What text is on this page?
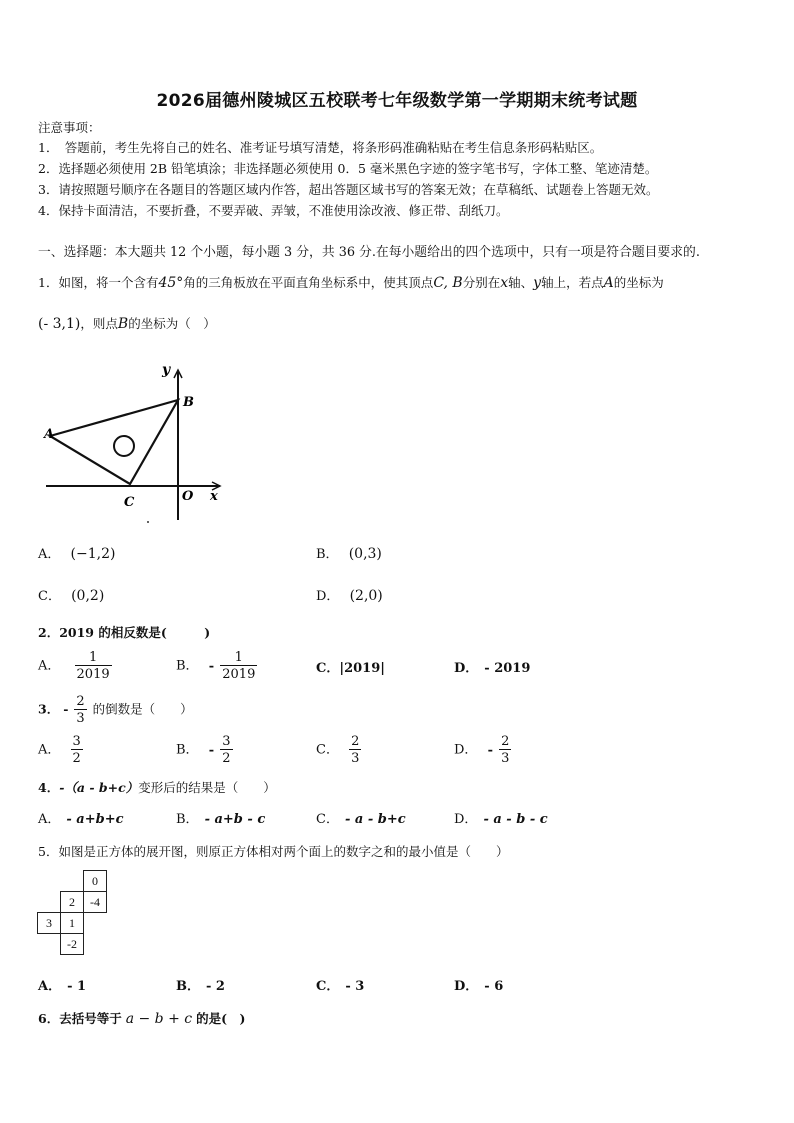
2026届德州陵城区五校联考七年级数学第一学期期末统考试题
注意事项：
1．　答题前，考生先将自己的姓名、准考证号填写清楚，将条形码准确粘贴在考生信息条形码粘贴区。
2．选择题必须使用 2B 铅笔填涂；非选择题必须使用 0．5 毫米黑色字迹的签字笔书写，字体工整、笔迹清楚。
3．请按照题号顺序在各题目的答题区域内作答，超出答题区域书写的答案无效；在草稿纸、试题卷上答题无效。
4．保持卡面清洁，不要折叠，不要弄破、弄皱，不准使用涂改液、修正带、刮纸刀。
一、选择题：本大题共 12 个小题，每小题 3 分，共 36 分.在每小题给出的四个选项中，只有一项是符合题目要求的.
1．如图，将一个含有45°角的三角板放在平面直角坐标系中，使其顶点C, B分别在x轴、y轴上，若点A的坐标为
(- 3,1)，则点B的坐标为（　）
y
B
A
C	O x
A． (−1,2)	B． (0,3)
C． (0,2)	D． (2,0)
2．2019 的相反数是(　　　)
A． $\frac{1}{2019}$	B． - $\frac{1}{2019}$	C．|2019|	D． - 2019
3． - $\frac{2}{3}$ 的倒数是（　　）
A． $\frac{3}{2}$	B． - $\frac{3}{2}$	C． $\frac{2}{3}$	D． - $\frac{2}{3}$
4．-（a - b+c）变形后的结果是（　　）
A． - a+b+c	B． - a+b - c	C． - a - b+c	D． - a - b - c
5．如图是正方体的展开图，则原正方体相对两个面上的数字之和的最小值是（　　）
		0
	2	-4
3	1	
	-2	
A． - 1	B． - 2	C． - 3	D． - 6
6．去括号等于 a − b + c 的是(　)
